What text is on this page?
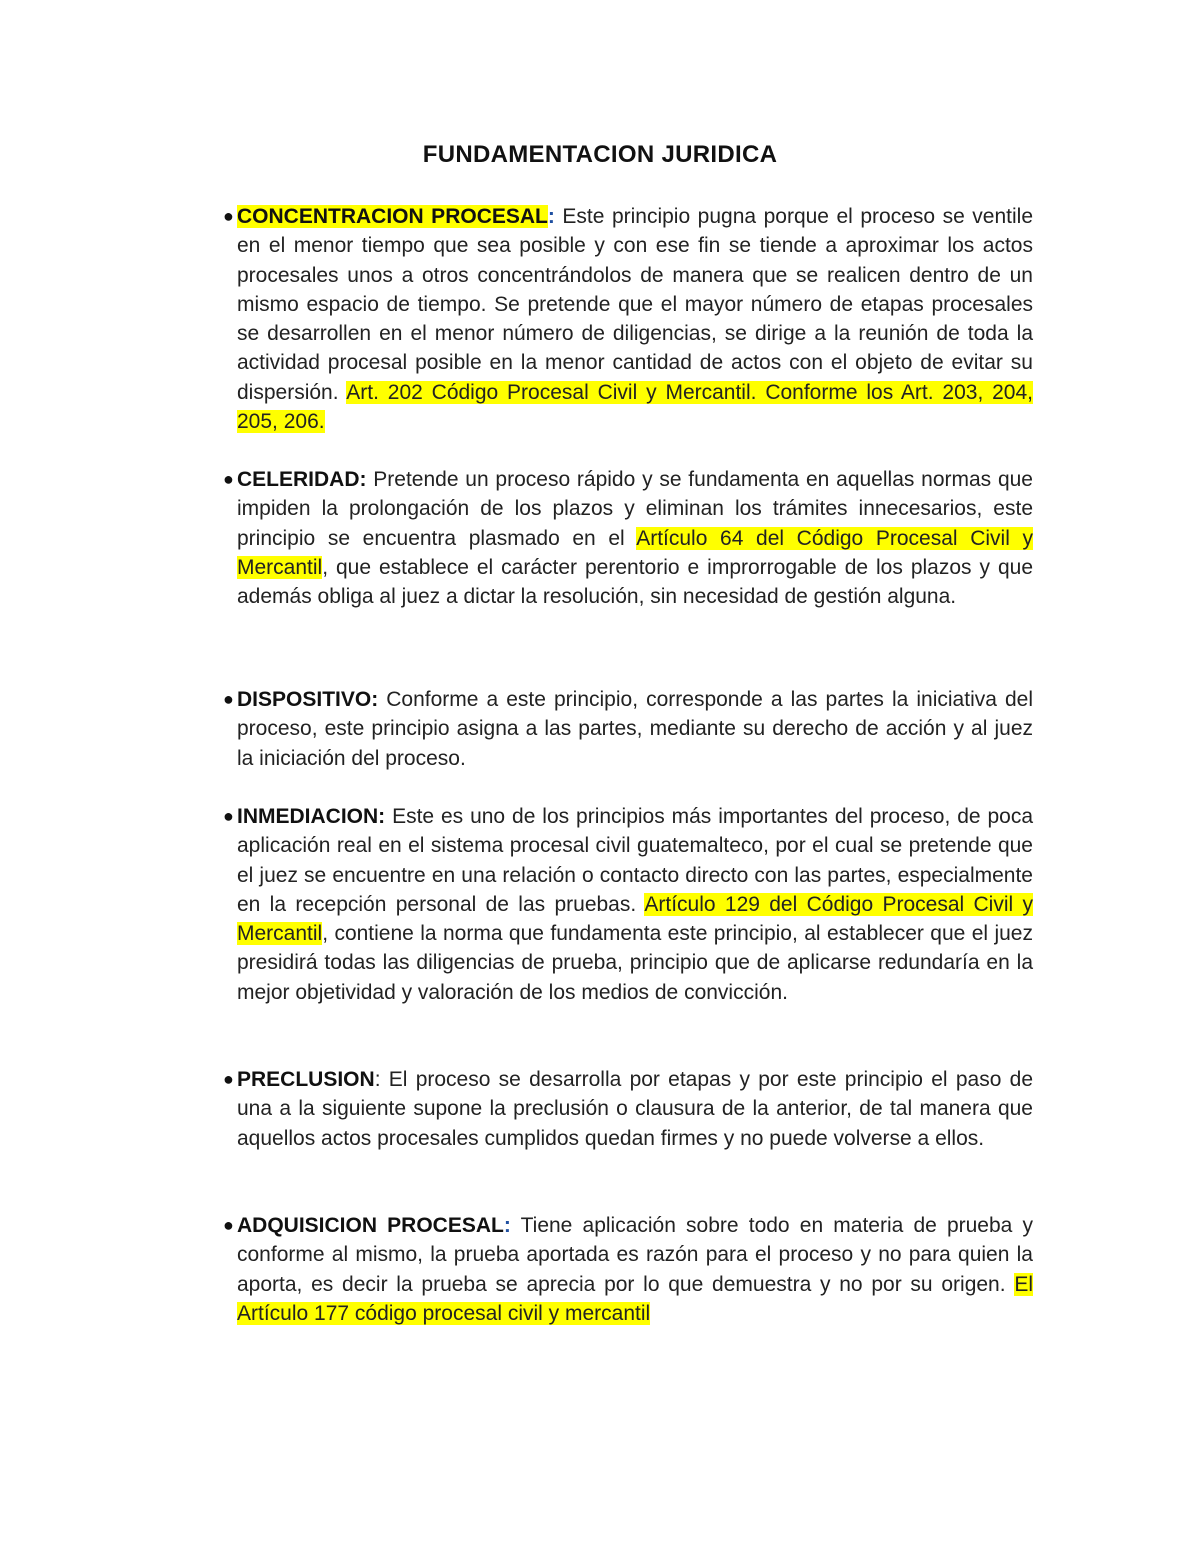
FUNDAMENTACION JURIDICA
● CONCENTRACION PROCESAL: Este principio pugna porque el proceso se ventile en el menor tiempo que sea posible y con ese fin se tiende a aproximar los actos procesales unos a otros concentrándolos de manera que se realicen dentro de un mismo espacio de tiempo. Se pretende que el mayor número de etapas procesales se desarrollen en el menor número de diligencias, se dirige a la reunión de toda la actividad procesal posible en la menor cantidad de actos con el objeto de evitar su dispersión. Art. 202 Código Procesal Civil y Mercantil. Conforme los Art. 203, 204, 205, 206.
● CELERIDAD: Pretende un proceso rápido y se fundamenta en aquellas normas que impiden la prolongación de los plazos y eliminan los trámites innecesarios, este principio se encuentra plasmado en el Artículo 64 del Código Procesal Civil y Mercantil, que establece el carácter perentorio e improrrogable de los plazos y que además obliga al juez a dictar la resolución, sin necesidad de gestión alguna.
● DISPOSITIVO: Conforme a este principio, corresponde a las partes la iniciativa del proceso, este principio asigna a las partes, mediante su derecho de acción y al juez la iniciación del proceso.
● INMEDIACION: Este es uno de los principios más importantes del proceso, de poca aplicación real en el sistema procesal civil guatemalteco, por el cual se pretende que el juez se encuentre en una relación o contacto directo con las partes, especialmente en la recepción personal de las pruebas. Artículo 129 del Código Procesal Civil y Mercantil, contiene la norma que fundamenta este principio, al establecer que el juez presidirá todas las diligencias de prueba, principio que de aplicarse redundaría en la mejor objetividad y valoración de los medios de convicción.
● PRECLUSION: El proceso se desarrolla por etapas y por este principio el paso de una a la siguiente supone la preclusión o clausura de la anterior, de tal manera que aquellos actos procesales cumplidos quedan firmes y no puede volverse a ellos.
● ADQUISICION PROCESAL: Tiene aplicación sobre todo en materia de prueba y conforme al mismo, la prueba aportada es razón para el proceso y no para quien la aporta, es decir la prueba se aprecia por lo que demuestra y no por su origen. El Artículo 177 código procesal civil y mercantil
